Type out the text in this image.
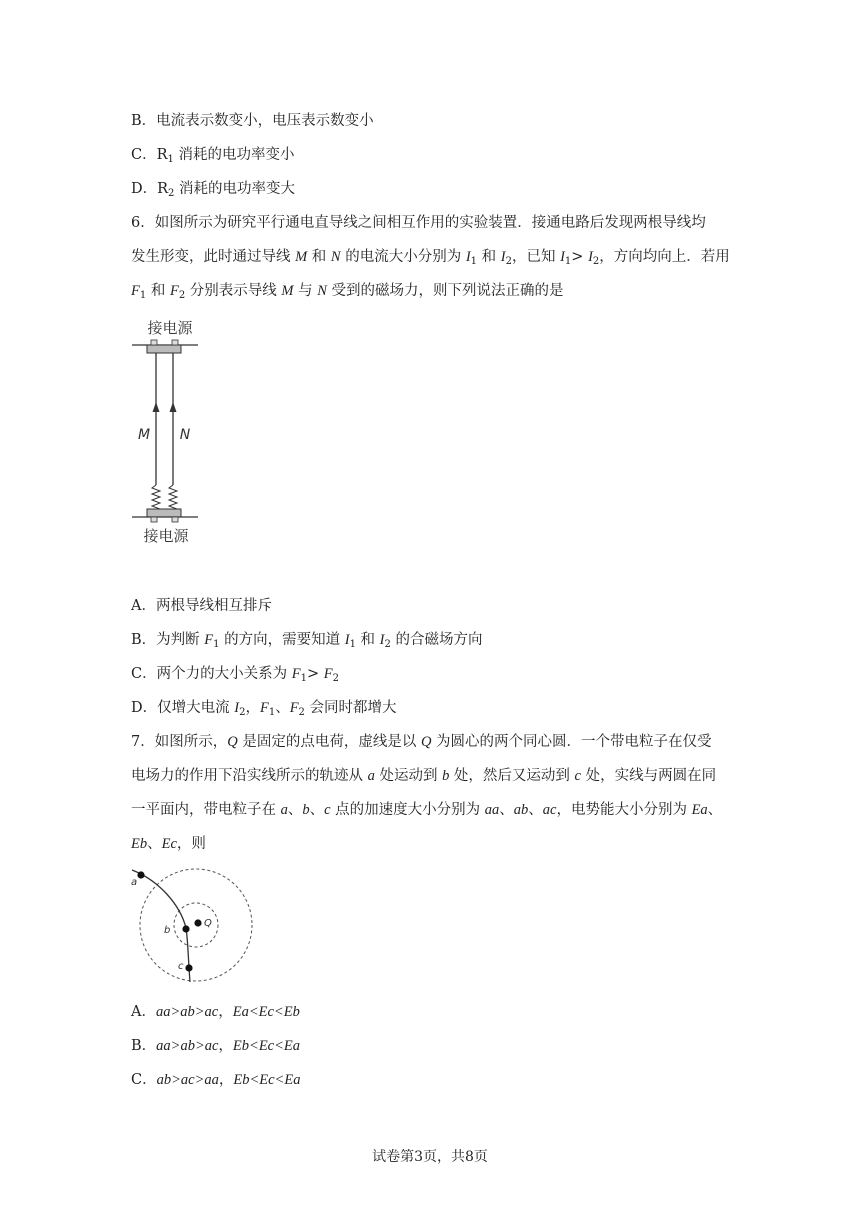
B．电流表示数变小，电压表示数变小
C．$R_1$ 消耗的电功率变小
D．$R_2$ 消耗的电功率变大
6．如图所示为研究平行通电直导线之间相互作用的实验装置．接通电路后发现两根导线均
发生形变，此时通过导线 M 和 N 的电流大小分别为 $I_1$ 和 $I_2$，已知 $I_1> I_2$，方向均向上．若用
$F_1$ 和 $F_2$ 分别表示导线 M 与 N 受到的磁场力，则下列说法正确的是
接电源
M N
接电源
A．两根导线相互排斥
B．为判断 $F_1$ 的方向，需要知道 $I_1$ 和 $I_2$ 的合磁场方向
C．两个力的大小关系为 $F_1> F_2$
D．仅增大电流 $I_2$，$F_1$、$F_2$ 会同时都增大
7．如图所示，Q 是固定的点电荷，虚线是以 Q 为圆心的两个同心圆．一个带电粒子在仅受
电场力的作用下沿实线所示的轨迹从 a 处运动到 b 处，然后又运动到 c 处，实线与两圆在同
一平面内，带电粒子在 a、b、c 点的加速度大小分别为 aa、ab、ac，电势能大小分别为 Ea、
Eb、Ec，则
a
b
c
Q
A．aa>ab>ac，Ea<Ec<Eb
B．aa>ab>ac，Eb<Ec<Ea
C．ab>ac>aa，Eb<Ec<Ea
试卷第3页，共8页
